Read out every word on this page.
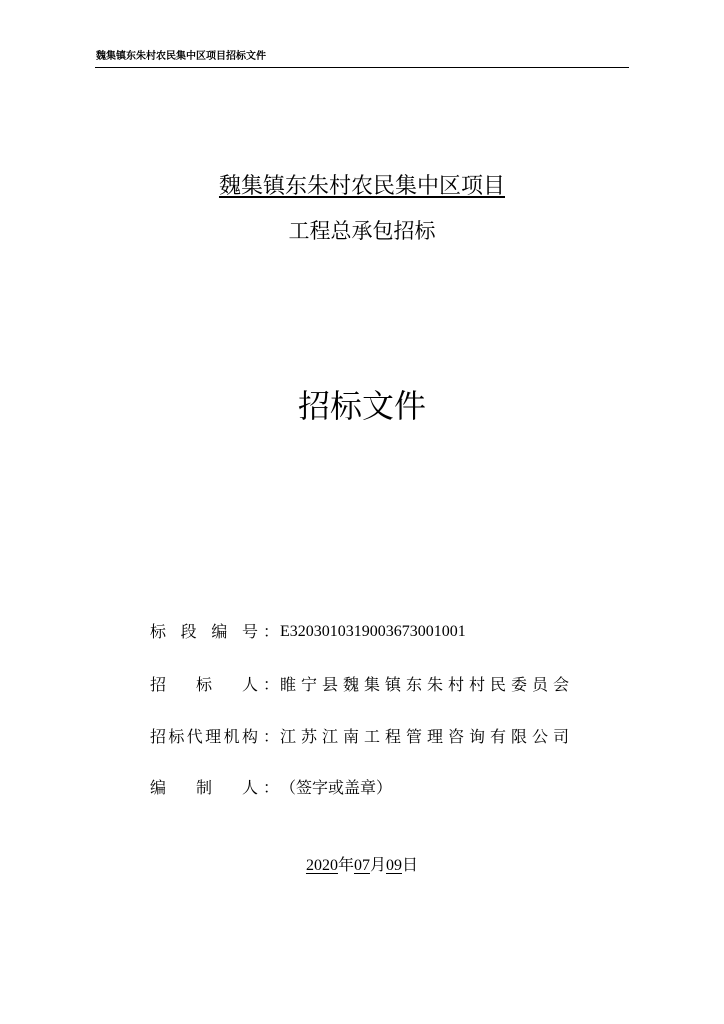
魏集镇东朱村农民集中区项目招标文件
魏集镇东朱村农民集中区项目
工程总承包招标
招标文件
标 段 编 号 ： E3203010319003673001001
招 标 人 ： 睢宁县魏集镇东朱村村民委员会
招 标 代 理 机 构 ： 江苏江南工程管理咨询有限公司
编 制 人 ： （签字或盖章）
2020年07月09日
